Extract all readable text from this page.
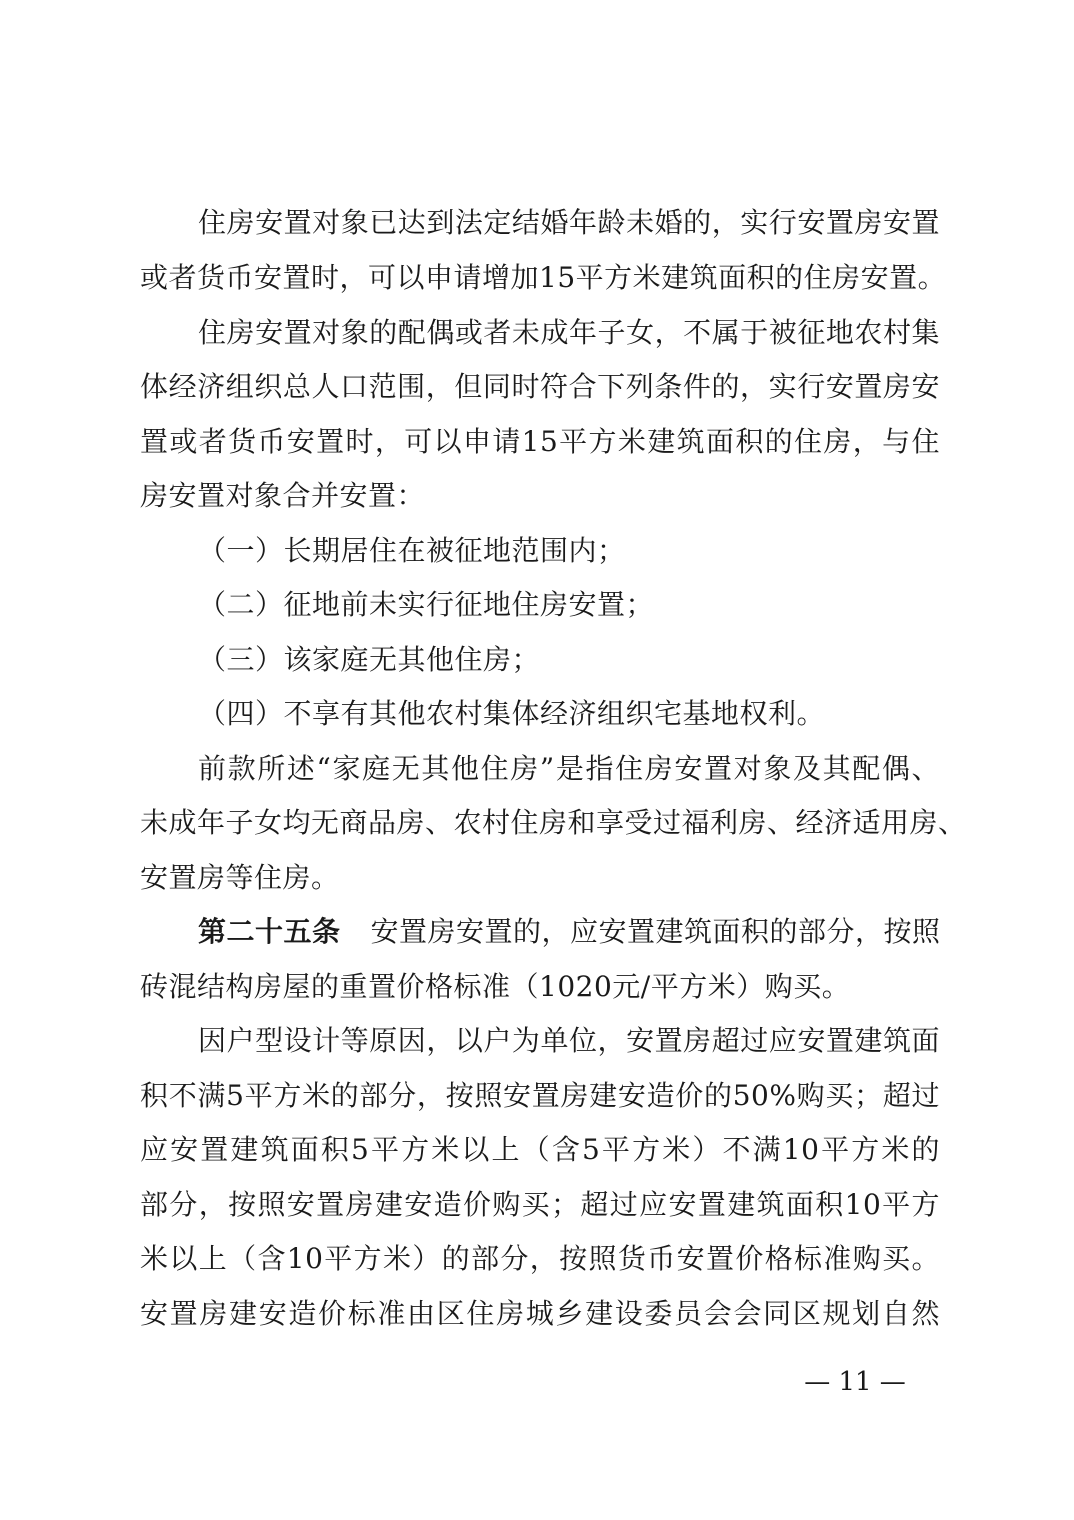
住房安置对象已达到法定结婚年龄未婚的，实行安置房安置
或者货币安置时，可以申请增加15平方米建筑面积的住房安置。
住房安置对象的配偶或者未成年子女，不属于被征地农村集
体经济组织总人口范围，但同时符合下列条件的，实行安置房安
置或者货币安置时，可以申请15平方米建筑面积的住房，与住
房安置对象合并安置：
（一）长期居住在被征地范围内；
（二）征地前未实行征地住房安置；
（三）该家庭无其他住房；
（四）不享有其他农村集体经济组织宅基地权利。
前款所述“家庭无其他住房”是指住房安置对象及其配偶、
未成年子女均无商品房、农村住房和享受过福利房、经济适用房、
安置房等住房。
第二十五条 安置房安置的，应安置建筑面积的部分，按照
砖混结构房屋的重置价格标准（1020元/平方米）购买。
因户型设计等原因，以户为单位，安置房超过应安置建筑面
积不满5平方米的部分，按照安置房建安造价的50%购买；超过
应安置建筑面积5平方米以上（含5平方米）不满10平方米的
部分，按照安置房建安造价购买；超过应安置建筑面积10平方
米以上（含10平方米）的部分，按照货币安置价格标准购买。
安置房建安造价标准由区住房城乡建设委员会会同区规划自然
— 11 —
